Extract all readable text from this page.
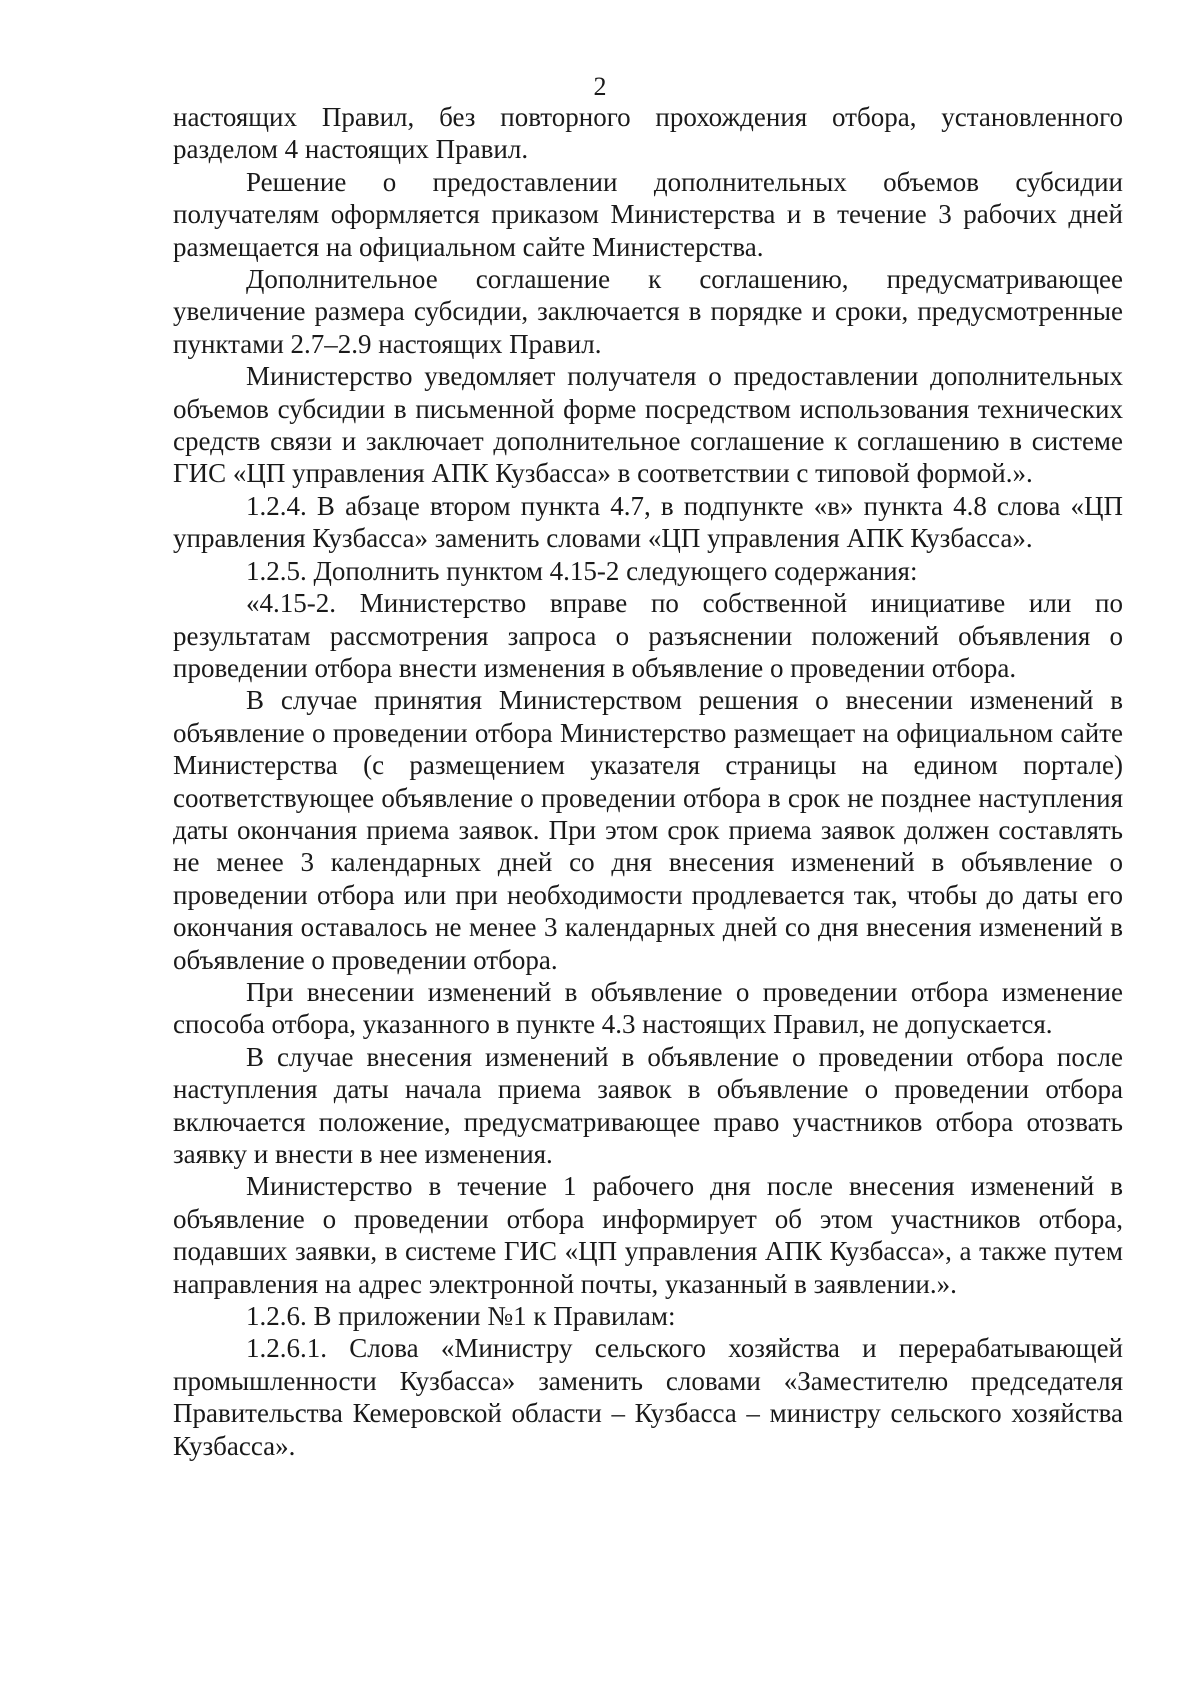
2

настоящих Правил, без повторного прохождения отбора, установленного разделом 4 настоящих Правил.

Решение о предоставлении дополнительных объемов субсидии получателям оформляется приказом Министерства и в течение 3 рабочих дней размещается на официальном сайте Министерства.

Дополнительное соглашение к соглашению, предусматривающее увеличение размера субсидии, заключается в порядке и сроки, предусмотренные пунктами 2.7–2.9 настоящих Правил.

Министерство уведомляет получателя о предоставлении дополнительных объемов субсидии в письменной форме посредством использования технических средств связи и заключает дополнительное соглашение к соглашению в системе ГИС «ЦП управления АПК Кузбасса» в соответствии с типовой формой.».

1.2.4. В абзаце втором пункта 4.7, в подпункте «в» пункта 4.8 слова «ЦП управления Кузбасса» заменить словами «ЦП управления АПК Кузбасса».

1.2.5. Дополнить пунктом 4.15-2 следующего содержания:

«4.15-2. Министерство вправе по собственной инициативе или по результатам рассмотрения запроса о разъяснении положений объявления о проведении отбора внести изменения в объявление о проведении отбора.

В случае принятия Министерством решения о внесении изменений в объявление о проведении отбора Министерство размещает на официальном сайте Министерства (с размещением указателя страницы на едином портале) соответствующее объявление о проведении отбора в срок не позднее наступления даты окончания приема заявок. При этом срок приема заявок должен составлять не менее 3 календарных дней со дня внесения изменений в объявление о проведении отбора или при необходимости продлевается так, чтобы до даты его окончания оставалось не менее 3 календарных дней со дня внесения изменений в объявление о проведении отбора.

При внесении изменений в объявление о проведении отбора изменение способа отбора, указанного в пункте 4.3 настоящих Правил, не допускается.

В случае внесения изменений в объявление о проведении отбора после наступления даты начала приема заявок в объявление о проведении отбора включается положение, предусматривающее право участников отбора отозвать заявку и внести в нее изменения.

Министерство в течение 1 рабочего дня после внесения изменений в объявление о проведении отбора информирует об этом участников отбора, подавших заявки, в системе ГИС «ЦП управления АПК Кузбасса», а также путем направления на адрес электронной почты, указанный в заявлении.».

1.2.6. В приложении №1 к Правилам:

1.2.6.1. Слова «Министру сельского хозяйства и перерабатывающей промышленности Кузбасса» заменить словами «Заместителю председателя Правительства Кемеровской области – Кузбасса – министру сельского хозяйства Кузбасса».
